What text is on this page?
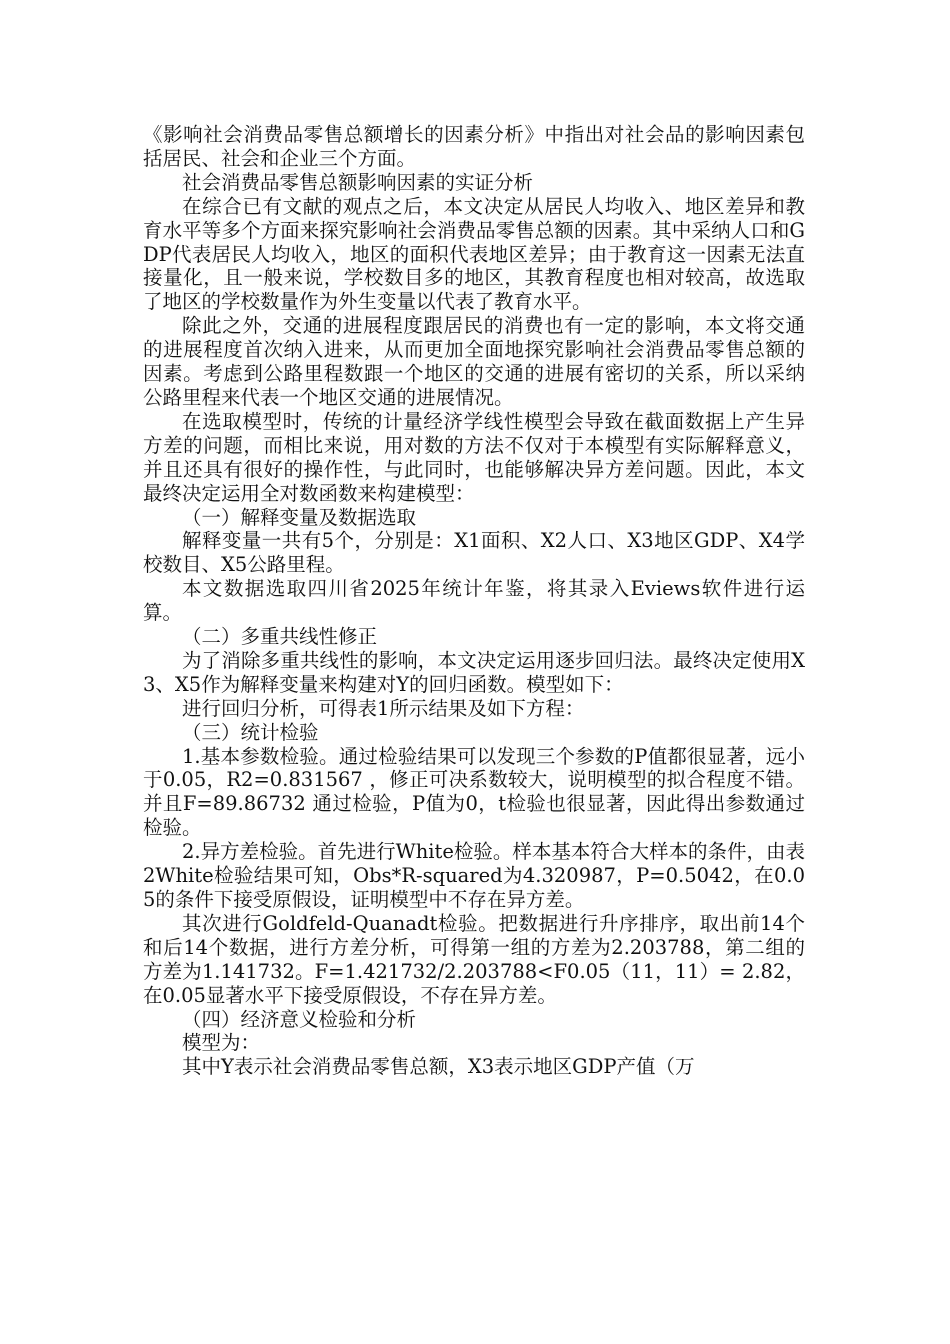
《影响社会消费品零售总额增长的因素分析》中指出对社会品的影响因素包括居民、社会和企业三个方面。

社会消费品零售总额影响因素的实证分析

在综合已有文献的观点之后，本文决定从居民人均收入、地区差异和教育水平等多个方面来探究影响社会消费品零售总额的因素。其中采纳人口和GDP代表居民人均收入，地区的面积代表地区差异；由于教育这一因素无法直接量化，且一般来说，学校数目多的地区，其教育程度也相对较高，故选取了地区的学校数量作为外生变量以代表了教育水平。

除此之外，交通的进展程度跟居民的消费也有一定的影响，本文将交通的进展程度首次纳入进来，从而更加全面地探究影响社会消费品零售总额的因素。考虑到公路里程数跟一个地区的交通的进展有密切的关系，所以采纳公路里程来代表一个地区交通的进展情况。

在选取模型时，传统的计量经济学线性模型会导致在截面数据上产生异方差的问题，而相比来说，用对数的方法不仅对于本模型有实际解释意义，并且还具有很好的操作性，与此同时，也能够解决异方差问题。因此，本文最终决定运用全对数函数来构建模型：

（一）解释变量及数据选取

解释变量一共有5个，分别是：X1面积、X2人口、X3地区GDP、X4学校数目、X5公路里程。

本文数据选取四川省2025年统计年鉴，将其录入Eviews软件进行运算。

（二）多重共线性修正

为了消除多重共线性的影响，本文决定运用逐步回归法。最终决定使用X3、X5作为解释变量来构建对Y的回归函数。模型如下：

进行回归分析，可得表1所示结果及如下方程：

（三）统计检验

1.基本参数检验。通过检验结果可以发现三个参数的P值都很显著，远小于0.05，R2=0.831567 ，修正可决系数较大，说明模型的拟合程度不错。并且F=89.86732 通过检验，P值为0，t检验也很显著，因此得出参数通过检验。

2.异方差检验。首先进行White检验。样本基本符合大样本的条件，由表2White检验结果可知，Obs*R-squared为4.320987，P=0.5042，在0.05的条件下接受原假设，证明模型中不存在异方差。

其次进行Goldfeld-Quanadt检验。把数据进行升序排序，取出前14个和后14个数据，进行方差分析，可得第一组的方差为2.203788，第二组的方差为1.141732。F=1.421732/2.203788<F0.05（11，11）= 2.82，在0.05显著水平下接受原假设，不存在异方差。

（四）经济意义检验和分析

模型为：

其中Y表示社会消费品零售总额，X3表示地区GDP产值（万
